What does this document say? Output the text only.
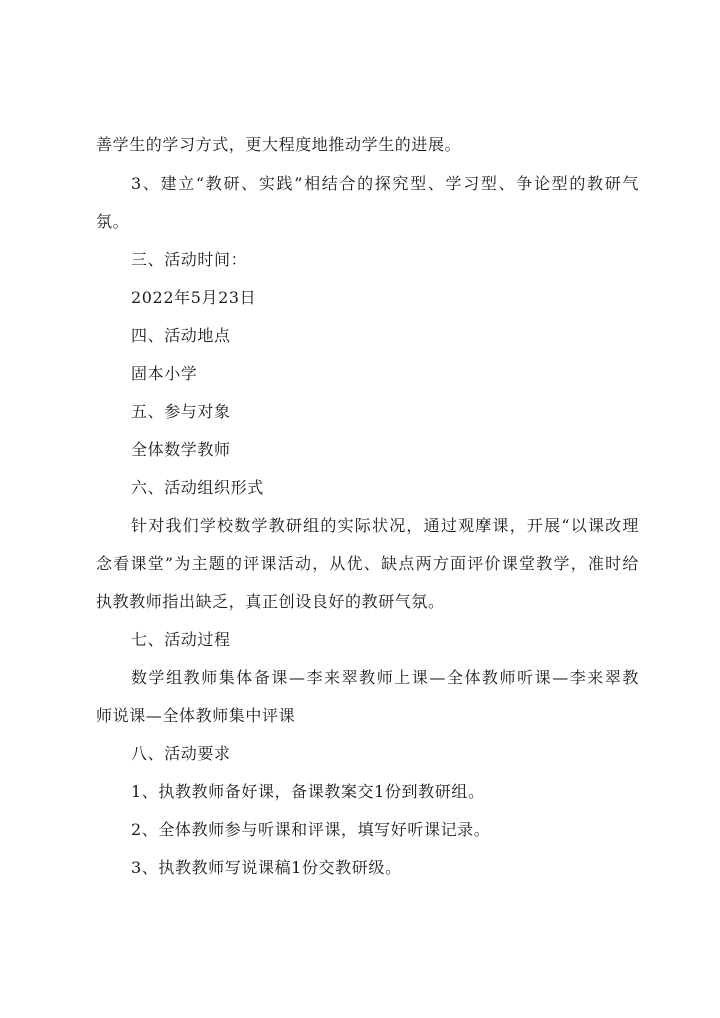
善学生的学习方式，更大程度地推动学生的进展。
3、建立“教研、实践”相结合的探究型、学习型、争论型的教研气
氛。
三、活动时间：
2022年5月23日
四、活动地点
固本小学
五、参与对象
全体数学教师
六、活动组织形式
针对我们学校数学教研组的实际状况，通过观摩课，开展“以课改理
念看课堂”为主题的评课活动，从优、缺点两方面评价课堂教学，准时给
执教教师指出缺乏，真正创设良好的教研气氛。
七、活动过程
数学组教师集体备课—李来翠教师上课—全体教师听课—李来翠教
师说课—全体教师集中评课
八、活动要求
1、执教教师备好课，备课教案交1份到教研组。
2、全体教师参与听课和评课，填写好听课记录。
3、执教教师写说课稿1份交教研级。
